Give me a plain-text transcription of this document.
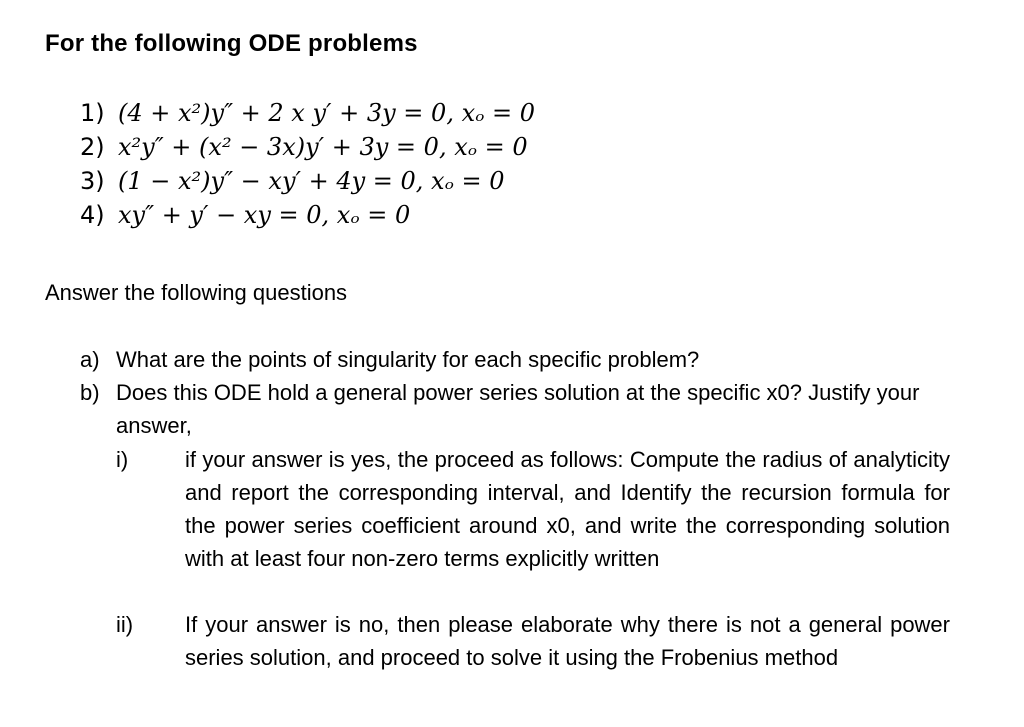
For the following ODE problems
1) (4 + x²)y″ + 2 x y′ + 3y = 0, xₒ = 0
2) x²y″ + (x² − 3x)y′ + 3y = 0, xₒ = 0
3) (1 − x²)y″ − xy′ + 4y = 0, xₒ = 0
4) xy″ + y′ − xy = 0, xₒ = 0
Answer the following questions
a) What are the points of singularity for each specific problem?
b) Does this ODE hold a general power series solution at the specific x0? Justify your answer,
i)	if your answer is yes, the proceed as follows: Compute the radius of analyticity and report the corresponding interval, and Identify the recursion formula for the power series coefficient around x0, and write the corresponding solution with at least four non-zero terms explicitly written
ii) If your answer is no, then please elaborate why there is not a general power series solution, and proceed to solve it using the Frobenius method
